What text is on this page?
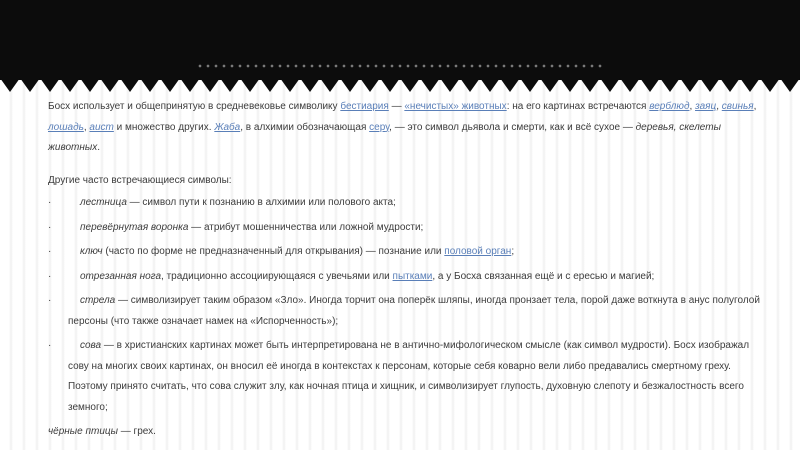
Босх использует и общепринятую в средневековье символику бестиария — «нечистых» животных: на его картинах встречаются верблюд, заяц, свинья, лошадь, аист и множество других. Жаба, в алхимии обозначающая серу, — это символ дьявола и смерти, как и всё сухое — деревья, скелеты животных.

Другие часто встречающиеся символы:

·	лестница — символ пути к познанию в алхимии или полового акта;
·	перевёрнутая воронка — атрибут мошенничества или ложной мудрости;
·	ключ (часто по форме не предназначенный для открывания) — познание или половой орган;
·	отрезанная нога, традиционно ассоциирующаяся с увечьями или пытками, а у Босха связанная ещё и с ересью и магией;
·	стрела — символизирует таким образом «Зло». Иногда торчит она поперёк шляпы, иногда пронзает тела, порой даже воткнута в анус полуголой персоны (что также означает намек на «Испорченность»);
·	сова — в христианских картинах может быть интерпретирована не в антично-мифологическом смысле (как символ мудрости). Босх изображал сову на многих своих картинах, он вносил её иногда в контекстах к персонам, которые себя коварно вели либо предавались смертному греху. Поэтому принято считать, что сова служит злу, как ночная птица и хищник, и символизирует глупость, духовную слепоту и безжалостность всего земного;

чёрные птицы — грех.
